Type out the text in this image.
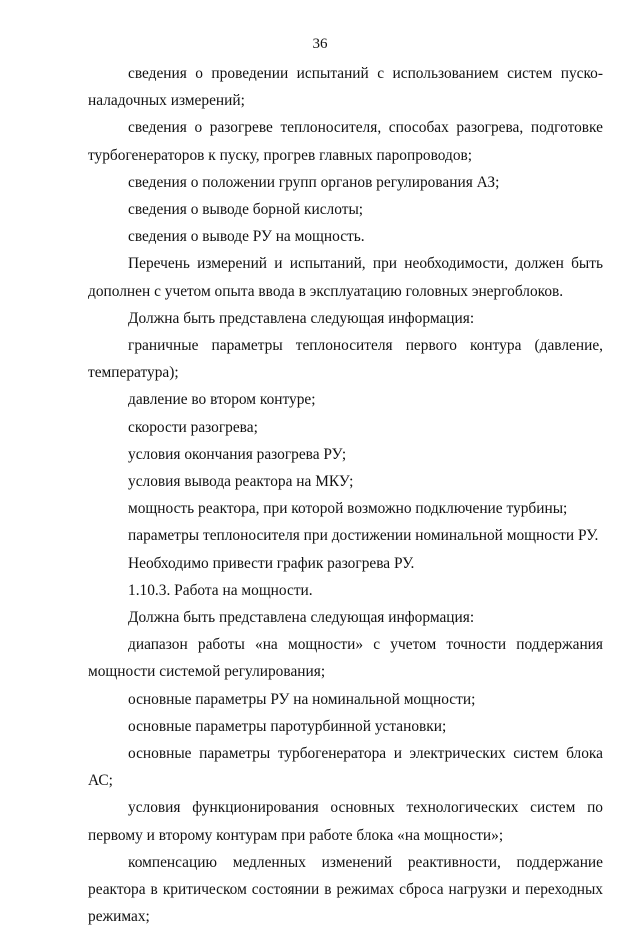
36

сведения о проведении испытаний с использованием систем пуско-наладочных измерений;

сведения о разогреве теплоносителя, способах разогрева, подготовке турбогенераторов к пуску, прогрев главных паропроводов;

сведения о положении групп органов регулирования АЗ;

сведения о выводе борной кислоты;

сведения о выводе РУ на мощность.

Перечень измерений и испытаний, при необходимости, должен быть дополнен с учетом опыта ввода в эксплуатацию головных энергоблоков.

Должна быть представлена следующая информация:

граничные параметры теплоносителя первого контура (давление, температура);

давление во втором контуре;

скорости разогрева;

условия окончания разогрева РУ;

условия вывода реактора на МКУ;

мощность реактора, при которой возможно подключение турбины;

параметры теплоносителя при достижении номинальной мощности РУ.

Необходимо привести график разогрева РУ.

1.10.3. Работа на мощности.

Должна быть представлена следующая информация:

диапазон работы «на мощности» с учетом точности поддержания мощности системой регулирования;

основные параметры РУ на номинальной мощности;

основные параметры паротурбинной установки;

основные параметры турбогенератора и электрических систем блока АС;

условия функционирования основных технологических систем по первому и второму контурам при работе блока «на мощности»;

компенсацию медленных изменений реактивности, поддержание реактора в критическом состоянии в режимах сброса нагрузки и переходных режимах;
